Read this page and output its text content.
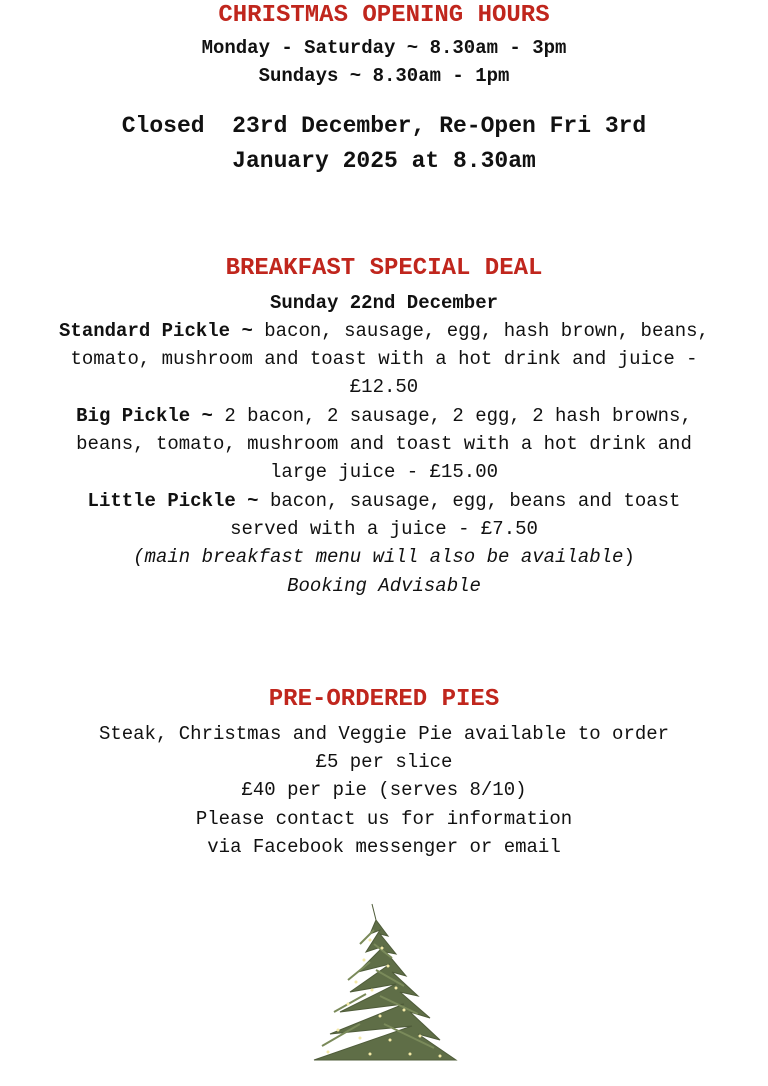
CHRISTMAS OPENING HOURS

Monday - Saturday ~ 8.30am - 3pm

Sundays ~ 8.30am - 1pm

Closed  23rd December, Re-Open Fri 3rd

January 2025 at 8.30am

BREAKFAST SPECIAL DEAL

Sunday 22nd December

Standard Pickle ~ bacon, sausage, egg, hash brown, beans, tomato, mushroom and toast with a hot drink and juice - £12.50

Big Pickle ~ 2 bacon, 2 sausage, 2 egg, 2 hash browns, beans, tomato, mushroom and toast with a hot drink and large juice - £15.00

Little Pickle ~ bacon, sausage, egg, beans and toast served with a juice - £7.50

(main breakfast menu will also be available)

Booking Advisable

PRE-ORDERED PIES

Steak, Christmas and Veggie Pie available to order

£5 per slice

£40 per pie (serves 8/10)

Please contact us for information

via Facebook messenger or email
